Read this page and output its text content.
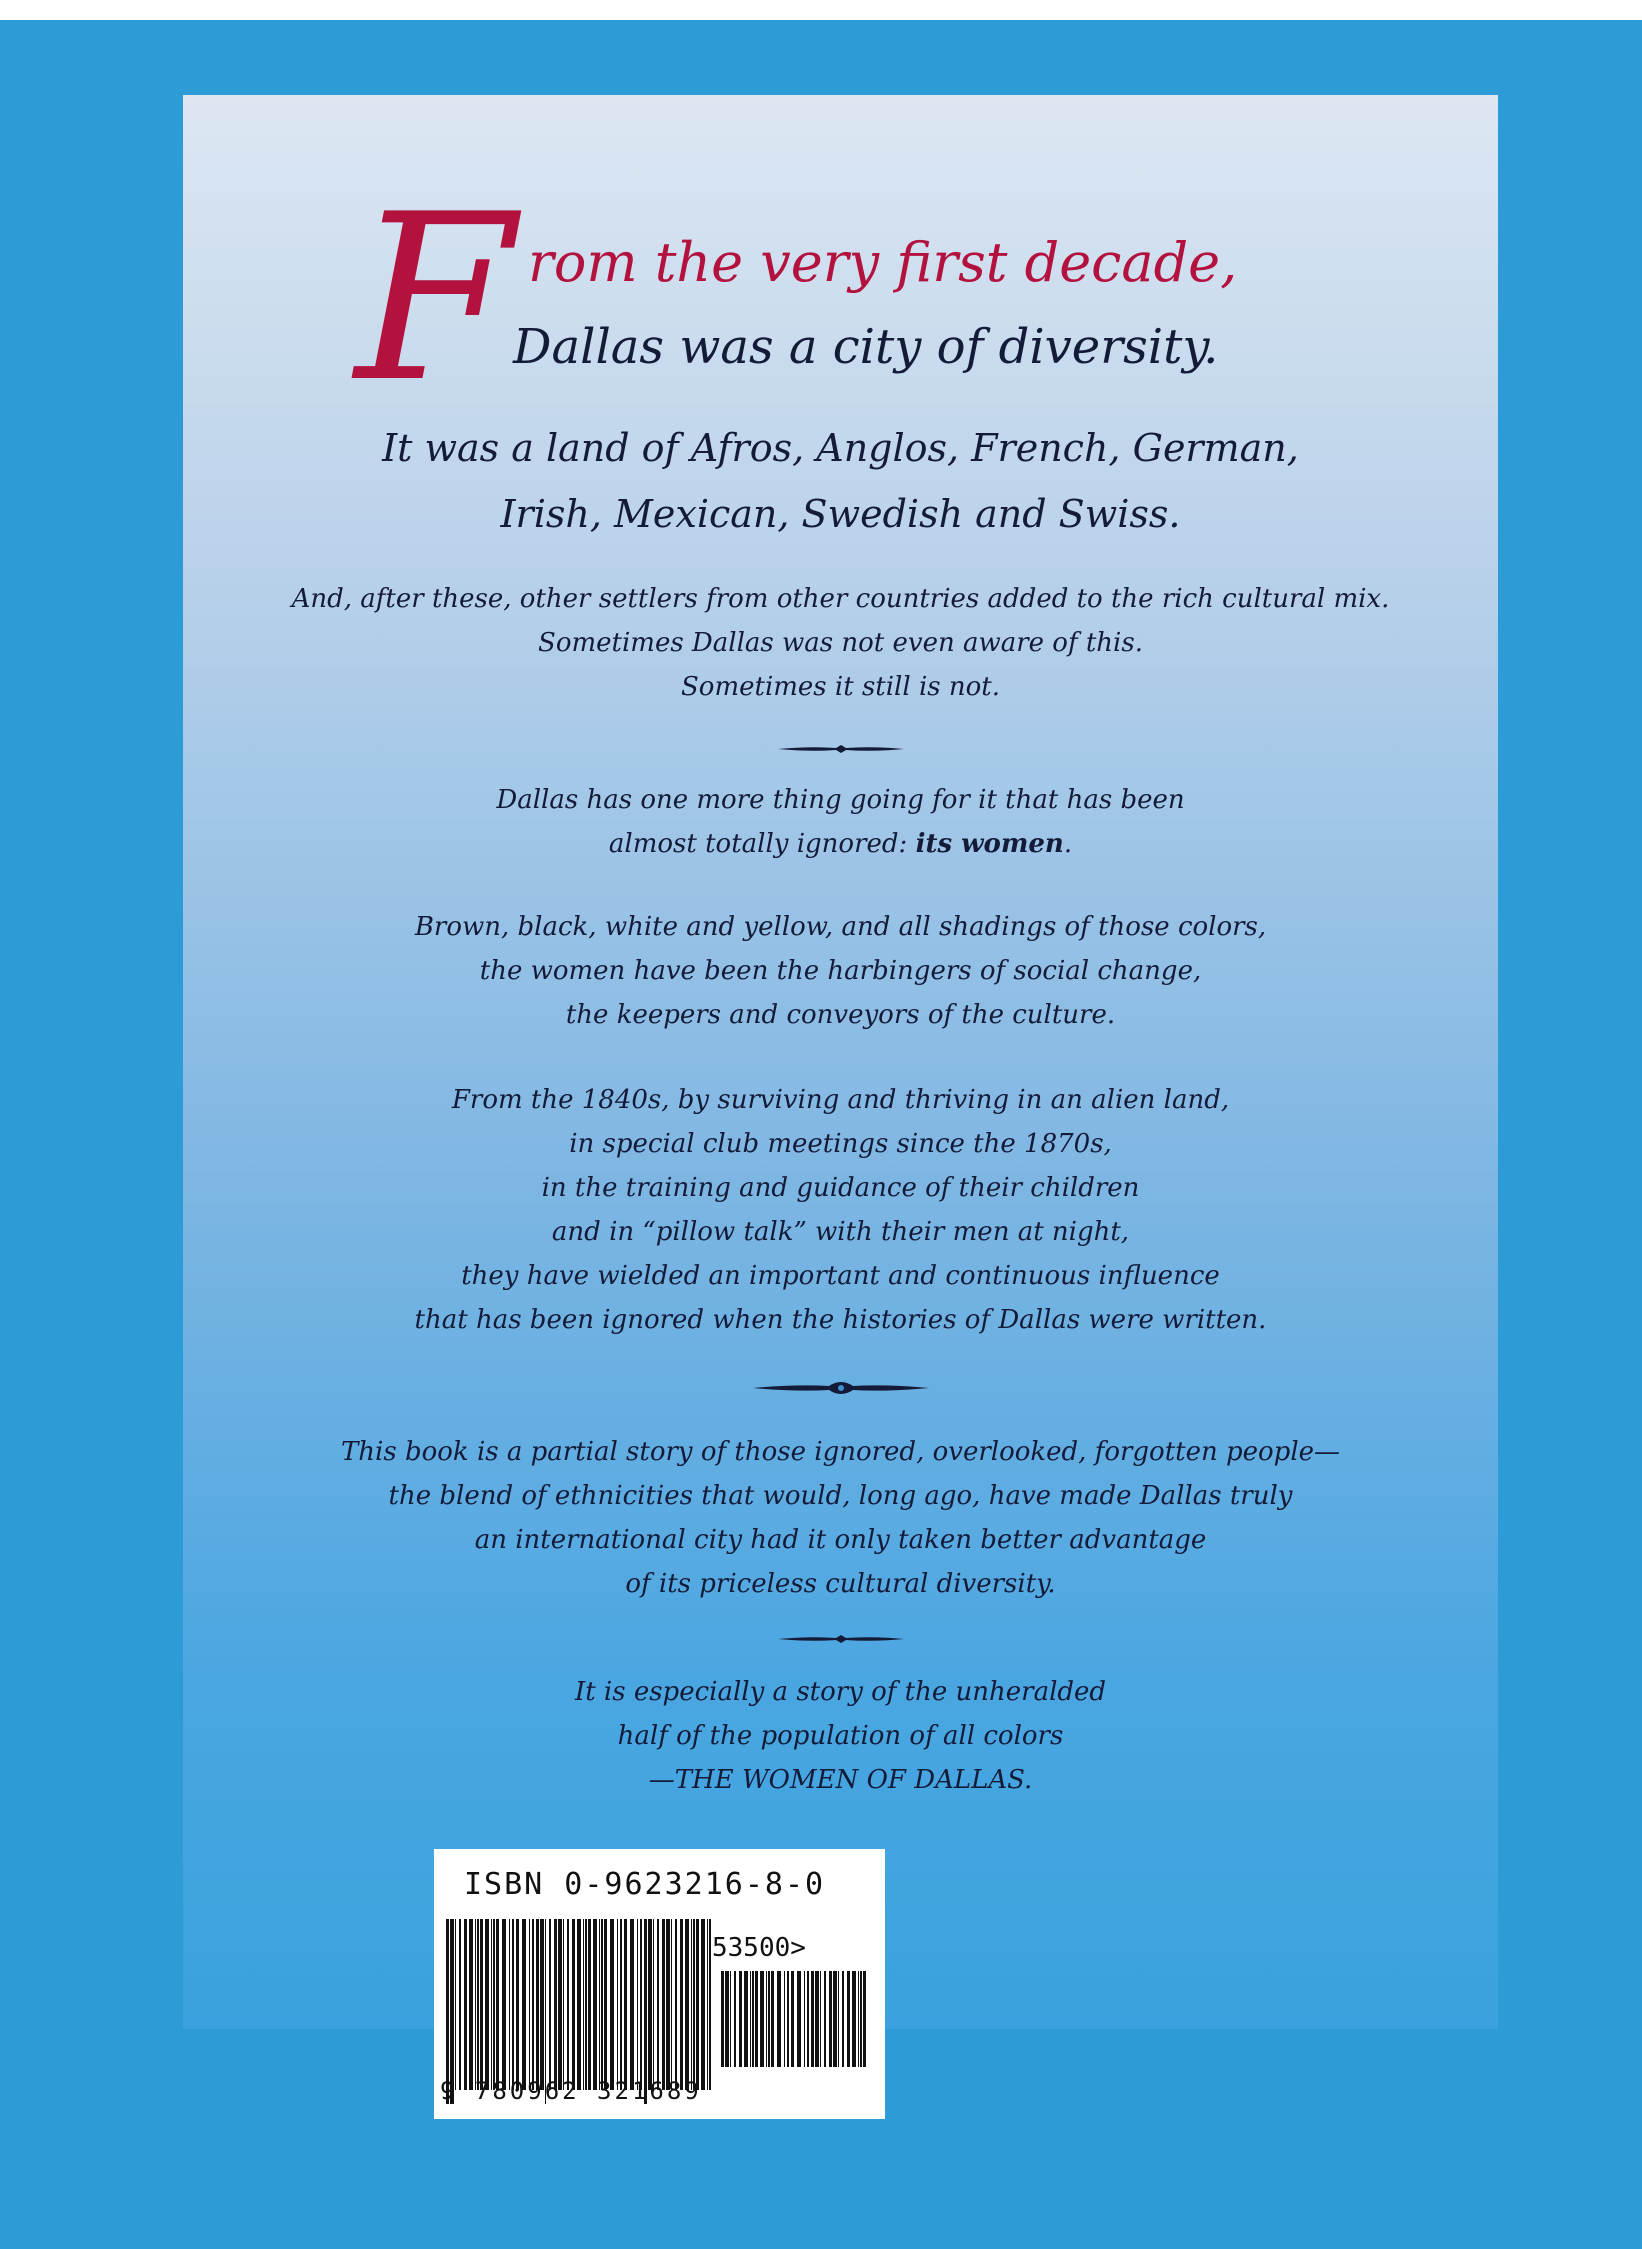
F rom the very first decade,

Dallas was a city of diversity.

It was a land of Afros, Anglos, French, German,

Irish, Mexican, Swedish and Swiss.

And, after these, other settlers from other countries added to the rich cultural mix.

Sometimes Dallas was not even aware of this.

Sometimes it still is not.

Dallas has one more thing going for it that has been

almost totally ignored: its women.

Brown, black, white and yellow, and all shadings of those colors,

the women have been the harbingers of social change,

the keepers and conveyors of the culture.

From the 1840s, by surviving and thriving in an alien land,

in special club meetings since the 1870s,

in the training and guidance of their children

and in “pillow talk” with their men at night,

they have wielded an important and continuous influence

that has been ignored when the histories of Dallas were written.

This book is a partial story of those ignored, overlooked, forgotten people—

the blend of ethnicities that would, long ago, have made Dallas truly

an international city had it only taken better advantage

of its priceless cultural diversity.

It is especially a story of the unheralded

half of the population of all colors

—THE WOMEN OF DALLAS.

ISBN 0-9623216-8-0

53500>

9 780962 321689
